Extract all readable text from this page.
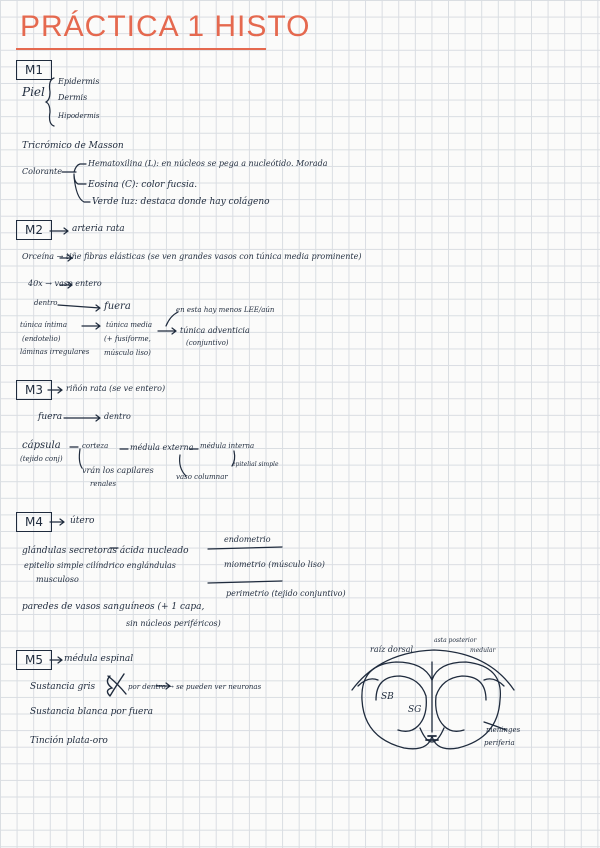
PRÁCTICA 1 HISTO
M1
Piel
Epidermis
Dermis
Hipodermis
Tricrómico de Masson
Colorante
Hematoxilina (L): en núcleos se pega a nucleótido. Morada
Eosina (C): color fucsia.
Verde luz: destaca donde hay colágeno
M2	arteria rata
Orceína → tiñe fibras elásticas (se ven grandes vasos con túnica media prominente)
40x → vaso entero
dentro	fuera	en esta hay menos LEE/aún
túnica íntima
(endotelio)
láminas irregulares
túnica media
(+ fusiforme,
músculo liso)
túnica adventicia
(conjuntivo)
M3	riñón rata (se ve entero)
fuera	dentro
cápsula
(tejido conj)
corteza	médula externa médula interna
epitelial simple
vrán los capilares
renales
vaso columnar
M4	útero
endometrio
glándulas secretoras ácida nucleado
epitelio simple cilíndrico englándulas
musculoso
miometrio (músculo liso)
perimetrio (tejido conjuntivo)
paredes de vasos sanguíneos (+ 1 capa,
sin núcleos periféricos)
M5	médula espinal
Sustancia gris	por dentro → se pueden ver neuronas
Sustancia blanca por fuera
Tinción plata-oro
raíz dorsal
asta posterior
medular
SB
SG
meninges
periferia
